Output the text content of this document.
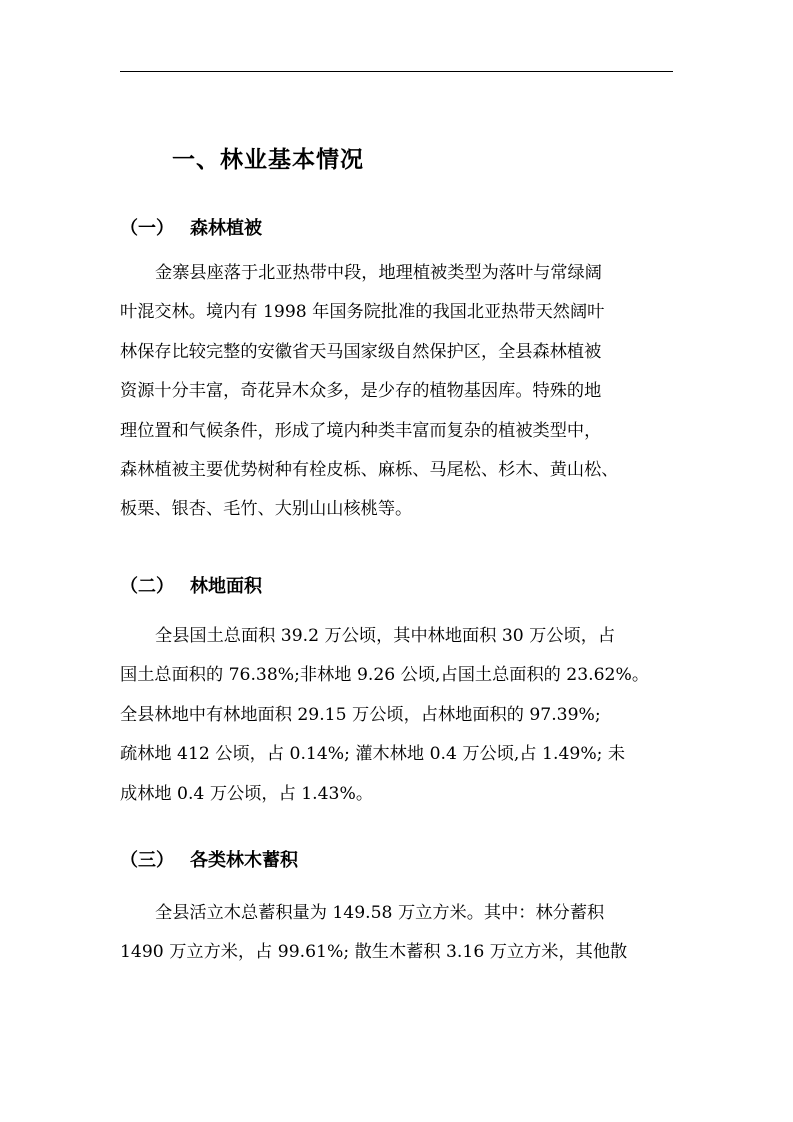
一、林业基本情况
（一） 森林植被

金寨县座落于北亚热带中段，地理植被类型为落叶与常绿阔
叶混交林。境内有 1998 年国务院批准的我国北亚热带天然阔叶
林保存比较完整的安徽省天马国家级自然保护区，全县森林植被
资源十分丰富，奇花异木众多，是少存的植物基因库。特殊的地
理位置和气候条件，形成了境内种类丰富而复杂的植被类型中，
森林植被主要优势树种有栓皮栎、麻栎、马尾松、杉木、黄山松、
板栗、银杏、毛竹、大别山山核桃等。

（二） 林地面积

全县国土总面积 39.2 万公顷，其中林地面积 30 万公顷，占
国土总面积的 76.38%;非林地 9.26 公顷,占国土总面积的 23.62%。
全县林地中有林地面积 29.15 万公顷，占林地面积的 97.39%;
疏林地 412 公顷，占 0.14%; 灌木林地 0.4 万公顷,占 1.49%; 未
成林地 0.4 万公顷，占 1.43%。

（三） 各类林木蓄积

全县活立木总蓄积量为 149.58 万立方米。其中：林分蓄积
1490 万立方米，占 99.61%; 散生木蓄积 3.16 万立方米，其他散
